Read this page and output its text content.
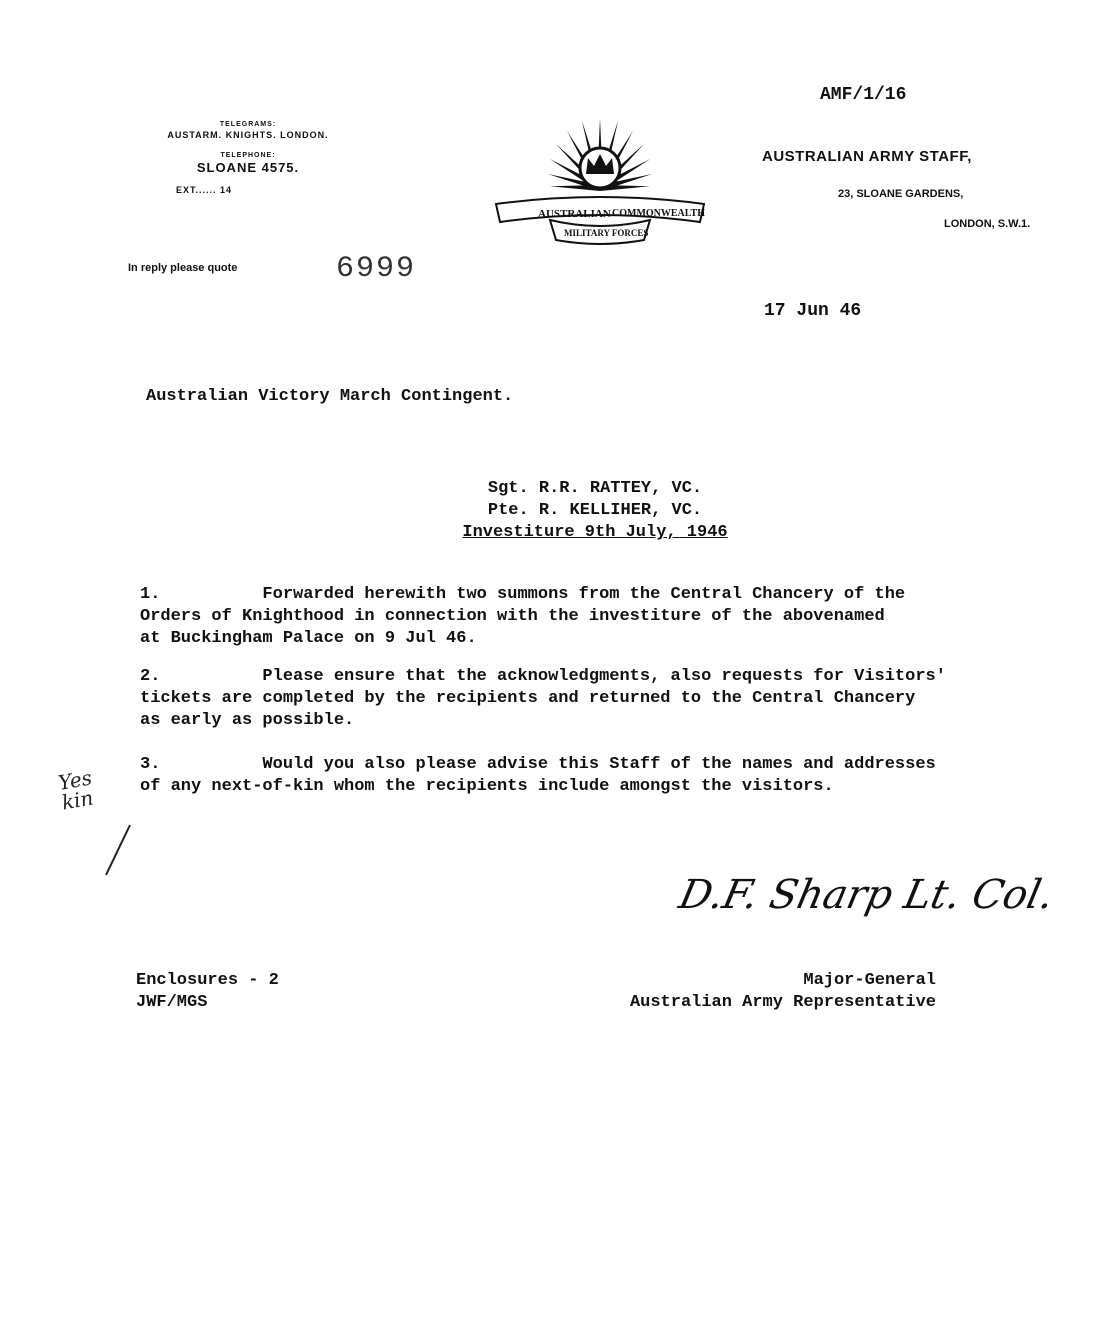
TELEGRAMS:
AUSTARM. KNIGHTS. LONDON.
TELEPHONE:
SLOANE 4575.
EXT...... 14
In reply please quote	6999
AUSTRALIAN COMMONWEALTH
MILITARY FORCES
AMF/1/16
AUSTRALIAN ARMY STAFF,
23, SLOANE GARDENS,
LONDON, S.W.1.
17 Jun 46
Australian Victory March Contingent.
Sgt. R.R. RATTEY, VC.
Pte. R. KELLIHER, VC.
Investiture 9th July, 1946
1.          Forwarded herewith two summons from the Central Chancery of the
Orders of Knighthood in connection with the investiture of the abovenamed
at Buckingham Palace on 9 Jul 46.
2.          Please ensure that the acknowledgments, also requests for Visitors'
tickets are completed by the recipients and returned to the Central Chancery
as early as possible.
3.          Would you also please advise this Staff of the names and addresses
of any next-of-kin whom the recipients include amongst the visitors.
Yes
kin
D.F. Sharp Lt. Col.
Enclosures - 2
JWF/MGS
Major-General
Australian Army Representative
